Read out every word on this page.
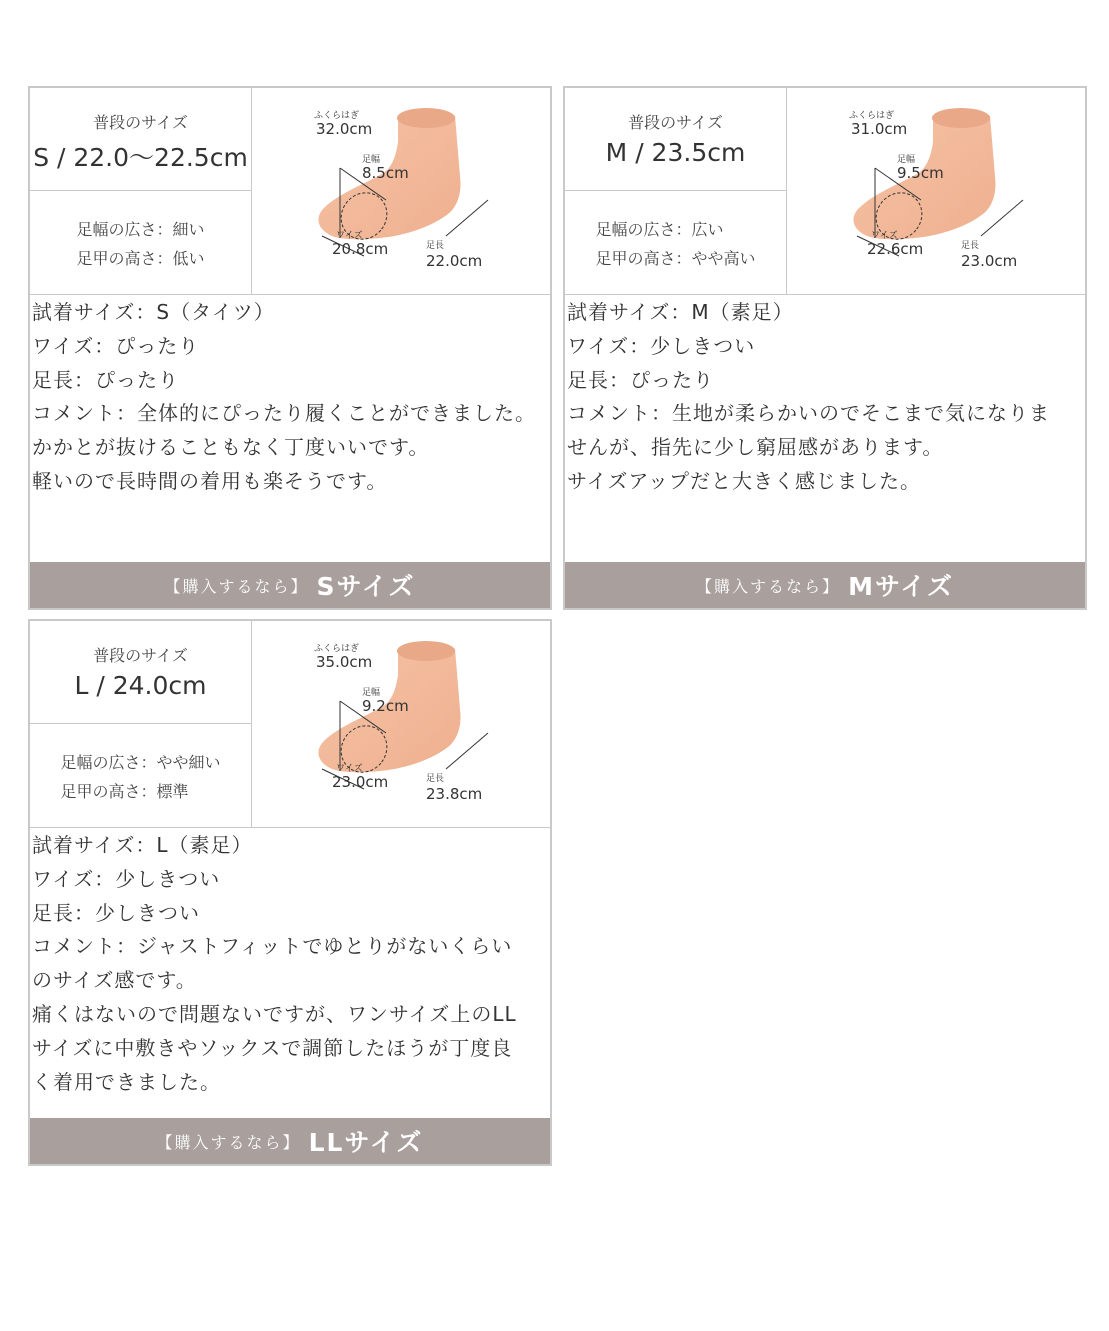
普段のサイズ
S / 22.0〜22.5cm
足幅の広さ：細い
足甲の高さ：低い
ふくらはぎ
32.0cm
足幅
8.5cm
ワイズ
20.8cm	足長
22.0cm

試着サイズ：S（タイツ）

ワイズ：ぴったり

足長：ぴったり

コメント：全体的にぴったり履くことができました。

かかとが抜けることもなく丁度いいです。

軽いので長時間の着用も楽そうです。

【購入するなら】 Sサイズ
普段のサイズ
M / 23.5cm
足幅の広さ：広い
足甲の高さ：やや高い
ふくらはぎ
31.0cm
足幅
9.5cm
ワイズ
22.6cm	足長
23.0cm

試着サイズ：M（素足）

ワイズ：少しきつい

足長：ぴったり

コメント：生地が柔らかいのでそこまで気になりま

せんが、指先に少し窮屈感があります。

サイズアップだと大きく感じました。

【購入するなら】 Mサイズ
普段のサイズ
L / 24.0cm
足幅の広さ：やや細い
足甲の高さ：標準
ふくらはぎ
35.0cm
足幅
9.2cm
ワイズ
23.0cm	足長
23.8cm

試着サイズ：L（素足）

ワイズ：少しきつい

足長：少しきつい

コメント：ジャストフィットでゆとりがないくらい

のサイズ感です。

痛くはないので問題ないですが、ワンサイズ上のLL

サイズに中敷きやソックスで調節したほうが丁度良

く着用できました。

【購入するなら】 LLサイズ
